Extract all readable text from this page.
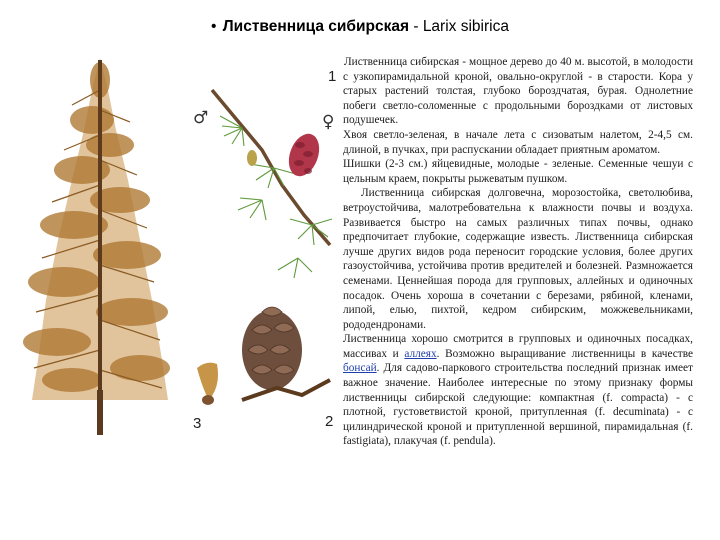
• Лиственница сибирская - Larix sibirica
1
2
3
♂	♀

Лиственница сибирская - мощное дерево до 40 м. высотой, в молодости с узкопирамидальной кроной, овально-округлой - в старости. Кора у старых растений толстая, глубоко бороздчатая, бурая. Однолетние побеги светло-соломенные с продольными бороздками от листовых подушечек.

Хвоя светло-зеленая, в начале лета с сизоватым налетом, 2-4,5 см. длиной, в пучках, при распускании обладает приятным ароматом.

Шишки (2-3 см.) яйцевидные, молодые - зеленые. Семенные чешуи с цельным краем, покрыты рыжеватым пушком.

Лиственница сибирская долговечна, морозостойка, светолюбива, ветроустойчива, малотребовательна к влажности почвы и воздуха. Развивается быстро на самых различных типах почвы, однако предпочитает глубокие, содержащие известь. Лиственница сибирская лучше других видов рода переносит городские условия, более других газоустойчива, устойчива против вредителей и болезней. Размножается семенами. Ценнейшая порода для групповых, аллейных и одиночных посадок. Очень хороша в сочетании с березами, рябиной, кленами, липой, елью, пихтой, кедром сибирским, можжевельниками, рододендронами.

Лиственница хорошо смотрится в групповых и одиночных посадках, массивах и аллеях. Возможно выращивание лиственницы в качестве бонсай. Для садово-паркового строительства последний признак имеет важное значение. Наиболее интересные по этому признаку формы лиственницы сибирской следующие: компактная (f. compacta) - с плотной, густоветвистой кроной, притупленная (f. decuminata) - с цилиндрической кроной и притупленной вершиной, пирамидальная (f. fastigiata), плакучая (f. pendula).
